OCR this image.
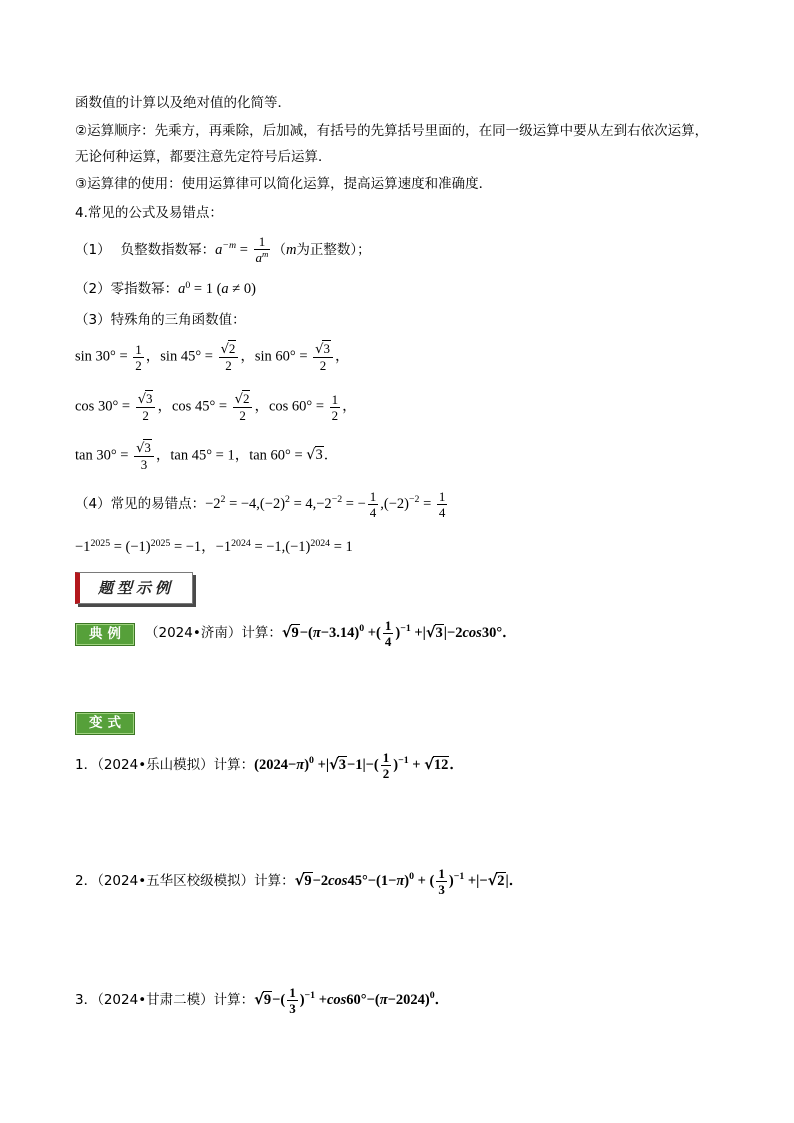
函数值的计算以及绝对值的化简等．
②运算顺序：先乘方，再乘除，后加减，有括号的先算括号里面的，在同一级运算中要从左到右依次运算，
无论何种运算，都要注意先定符号后运算．
③运算律的使用：使用运算律可以简化运算，提高运算速度和准确度．
4.常见的公式及易错点：
（1） 负整数指数幂：$a^{-m} = \frac{1}{a^m} (m$为正整数）；
（2）零指数幂：$a^0 = 1$ (a ≠ 0)
（3）特殊角的三角函数值：
$\sin 30^\circ = \frac{1}{2}$ ，$\sin 45^\circ = \frac{√2}{2}$ ，$\sin 60^\circ = \frac{√3}{2}$ ，
$\cos 30^\circ = \frac{√3}{2}$ ，$\cos 45^\circ = \frac{√2}{2}$ ，$\cos 60^\circ = \frac{1}{2}$ ，
$\tan 30^\circ = \frac{√3}{3}$ ，tan 45° = 1，tan 60° = √3．
（4）常见的易错点：$-2^2 = -4,(-2)^2 = 4,-2^{-2}$ = − $\frac{1}{4} ,(-2)^{-2} = \frac{1}{4}$
$-1^{2025} = (-1)^{2025} = -1$，$-1^{2024} = -1,(-1)^{2024} = 1$
题型示例
典例	（2024•济南）计算：$√9-(\pi-3.14)^0$ +( $\frac{1}{4} )^{-1} +|√3|-2\cos 30^\circ$．
变式
1．（2024•乐山模拟）计算：$(2024-\pi)^0 +|√3-1|-( \frac{1}{2} )^{-1} + √12$．
2．（2024•五华区校级模拟）计算：$√9-2\cos 45^\circ-(1-\pi)^0$ + ( $\frac{1}{3} )^{-1} +|-√2|$．
3．（2024•甘肃二模）计算：$√9-( \frac{1}{3} )^{-1} +\cos 60^\circ-(\pi-2024)^0$．
